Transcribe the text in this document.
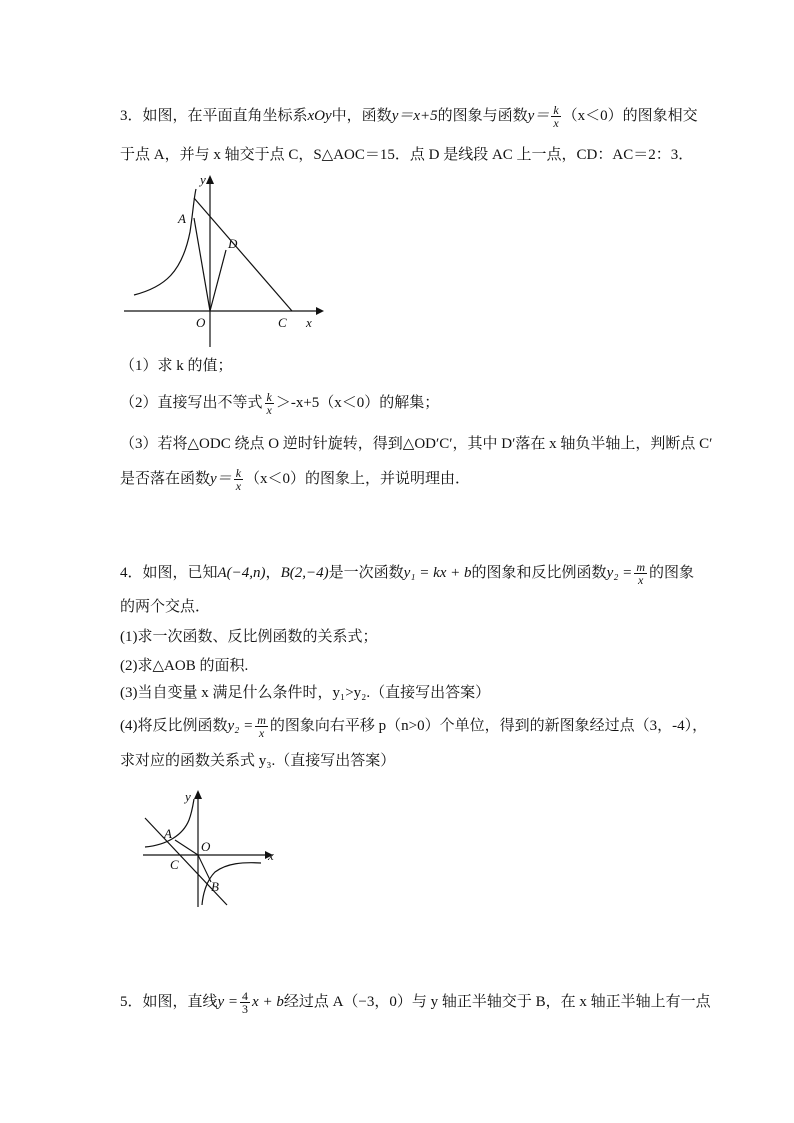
3．如图，在平面直角坐标系xOy中，函数y＝x+5的图象与函数$y= \frac{k}{x} (x<0)$的图象相交
于点 A，并与 x 轴交于点 C，S△AOC＝15．点 D 是线段 AC 上一点，CD：AC＝2：3．
A
D
O	C x
y
（1）求 k 的值；
（2）直接写出不等式 $\frac{k}{x} >-x+5(x<0)$的解集；
（3）若将△ODC 绕点 O 逆时针旋转，得到△OD′C′，其中 D′落在 x 轴负半轴上，判断点 C′
是否落在函数$y= \frac{k}{x} (x<0)$的图象上，并说明理由．
4．如图，已知A(−4,n)，B(2,−4)是一次函数y₁ = kx + b的图象和反比例函数$y_2 = \frac{m}{x}$ 的图象
的两个交点．
(1)求一次函数、反比例函数的关系式；
(2)求△AOB 的面积.
(3)当自变量 x 满足什么条件时，y₁>y₂.（直接写出答案）
(4)将反比例函数$y_2 = \frac{m}{x}$ 的图象向右平移 p（n>0）个单位，得到的新图象经过点（3，-4），
求对应的函数关系式 y₃.（直接写出答案）
A
C
O
B
x
y
5．如图，直线$y = \frac{4}{3}$ x + b经过点 A（−3，0）与 y 轴正半轴交于 B，在 x 轴正半轴上有一点
